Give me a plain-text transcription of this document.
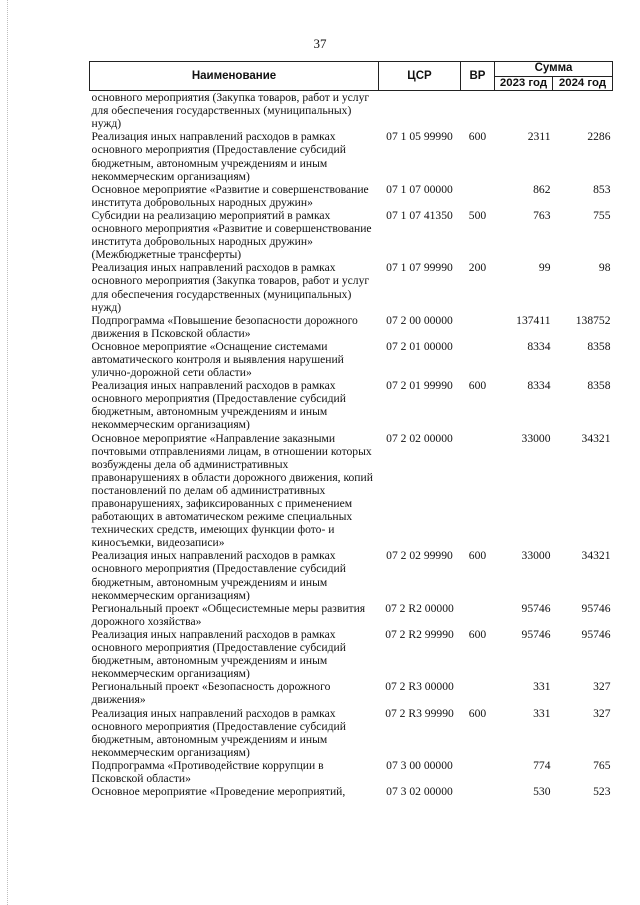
37
Наименование	ЦСР	ВР	Сумма	
			2023 год	2024 год
основного мероприятия (Закупка товаров, работ и услуг для обеспечения государственных (муниципальных) нужд)				
Реализация иных направлений расходов в рамках основного мероприятия (Предоставление субсидий бюджетным, автономным учреждениям и иным некоммерческим организациям)	07 1 05 99990	600	2311	2286
Основное мероприятие «Развитие и совершенствование института добровольных народных дружин»	07 1 07 00000		862	853
Субсидии на реализацию мероприятий в рамках основного мероприятия «Развитие и совершенствование института добровольных народных дружин» (Межбюджетные трансферты)	07 1 07 41350	500	763	755
Реализация иных направлений расходов в рамках основного мероприятия (Закупка товаров, работ и услуг для обеспечения государственных (муниципальных) нужд)	07 1 07 99990	200	99	98
Подпрограмма «Повышение безопасности дорожного движения в Псковской области»	07 2 00 00000		137411	138752
Основное мероприятие «Оснащение системами автоматического контроля и выявления нарушений улично-дорожной сети области»	07 2 01 00000		8334	8358
Реализация иных направлений расходов в рамках основного мероприятия (Предоставление субсидий бюджетным, автономным учреждениям и иным некоммерческим организациям)	07 2 01 99990	600	8334	8358
Основное мероприятие «Направление заказными почтовыми отправлениями лицам, в отношении которых возбуждены дела об административных правонарушениях в области дорожного движения, копий постановлений по делам об административных правонарушениях, зафиксированных с применением работающих в автоматическом режиме специальных технических средств, имеющих функции фото- и киносъемки, видеозаписи»	07 2 02 00000		33000	34321
Реализация иных направлений расходов в рамках основного мероприятия (Предоставление субсидий бюджетным, автономным учреждениям и иным некоммерческим организациям)	07 2 02 99990	600	33000	34321
Региональный проект «Общесистемные меры развития дорожного хозяйства»	07 2 R2 00000		95746	95746
Реализация иных направлений расходов в рамках основного мероприятия (Предоставление субсидий бюджетным, автономным учреждениям и иным некоммерческим организациям)	07 2 R2 99990	600	95746	95746
Региональный проект «Безопасность дорожного движения»	07 2 R3 00000		331	327
Реализация иных направлений расходов в рамках основного мероприятия (Предоставление субсидий бюджетным, автономным учреждениям и иным некоммерческим организациям)	07 2 R3 99990	600	331	327
Подпрограмма «Противодействие коррупции в Псковской области»	07 3 00 00000		774	765
Основное мероприятие «Проведение мероприятий,	07 3 02 00000		530	523
